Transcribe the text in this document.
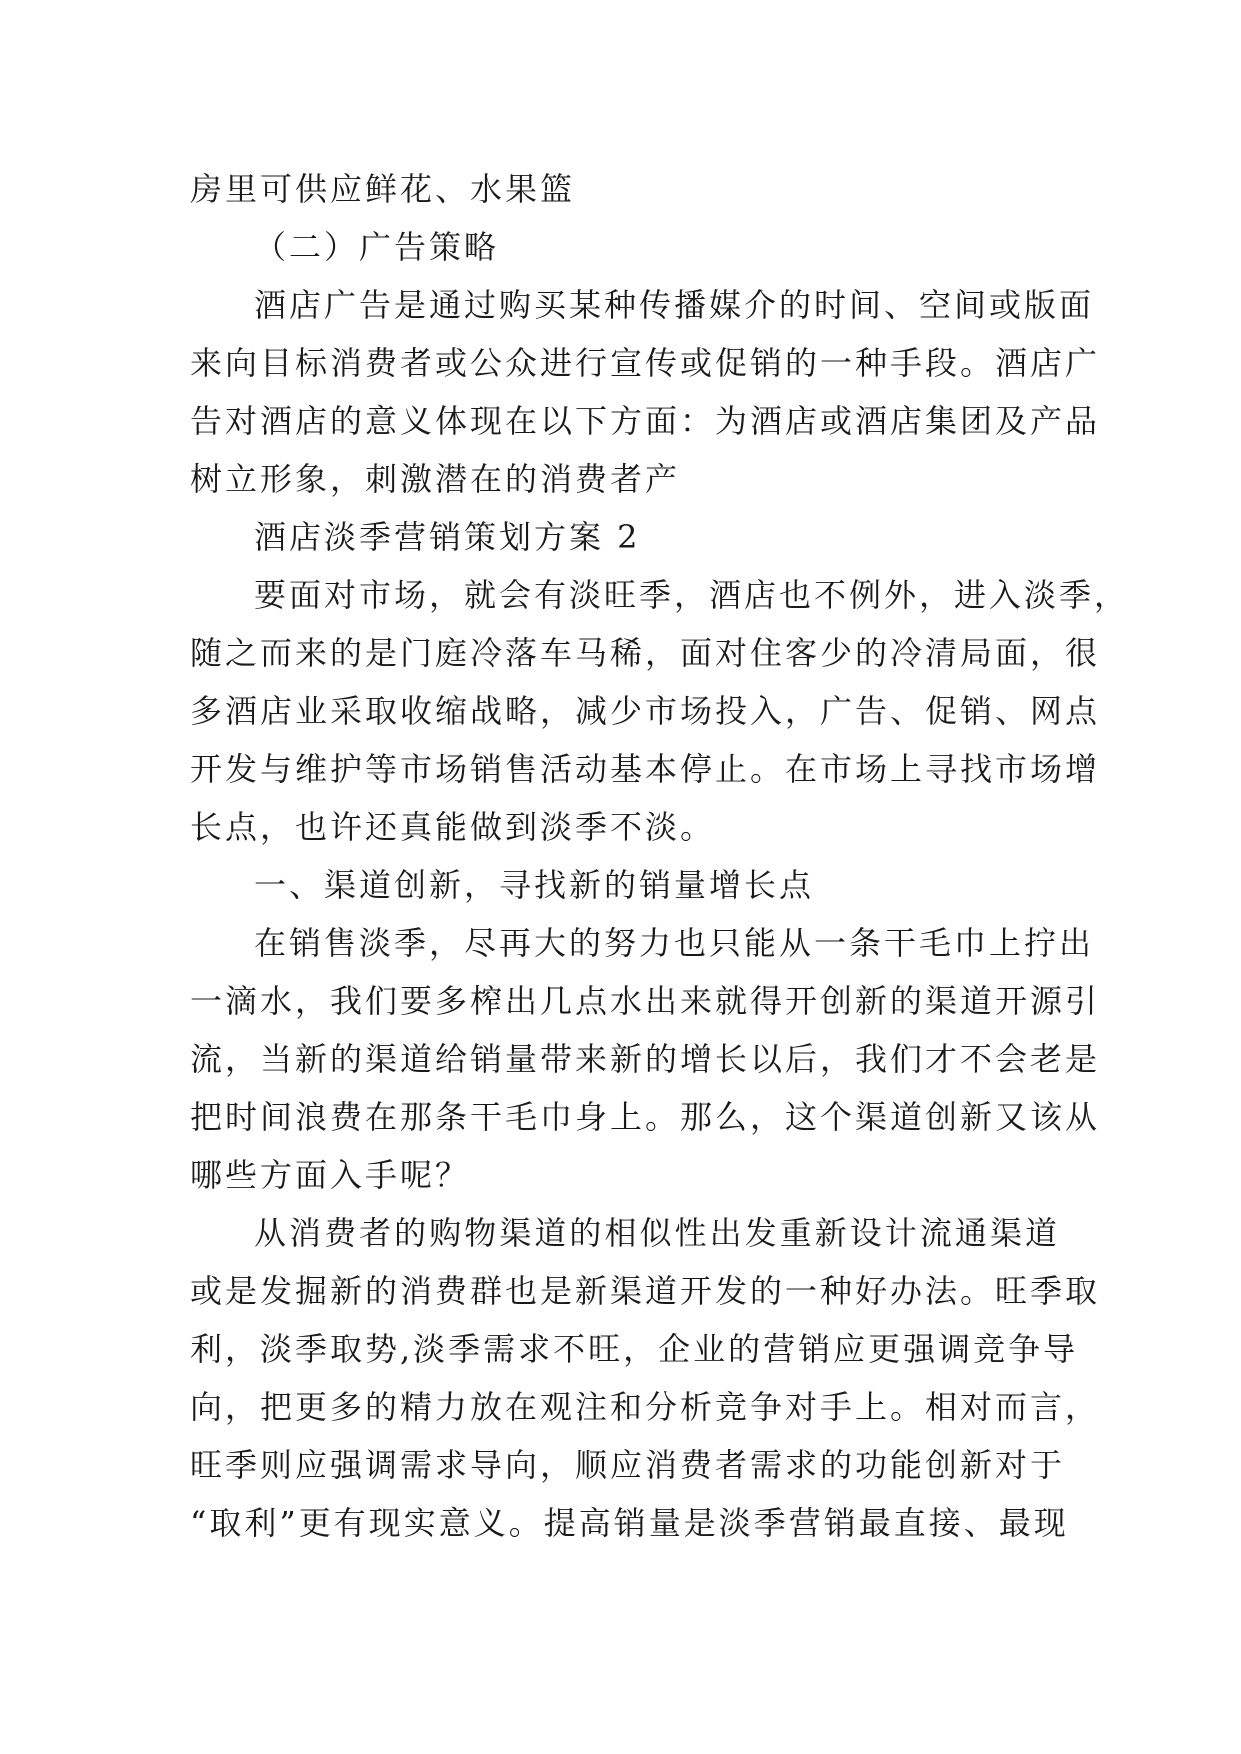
房里可供应鲜花、水果篮

（二）广告策略

酒店广告是通过购买某种传播媒介的时间、空间或版面

来向目标消费者或公众进行宣传或促销的一种手段。酒店广

告对酒店的意义体现在以下方面：为酒店或酒店集团及产品

树立形象，刺激潜在的消费者产

酒店淡季营销策划方案 2

要面对市场，就会有淡旺季，酒店也不例外，进入淡季，

随之而来的是门庭冷落车马稀，面对住客少的冷清局面，很

多酒店业采取收缩战略，减少市场投入，广告、促销、网点

开发与维护等市场销售活动基本停止。在市场上寻找市场增

长点，也许还真能做到淡季不淡。

一、渠道创新，寻找新的销量增长点

在销售淡季，尽再大的努力也只能从一条干毛巾上拧出

一滴水，我们要多榨出几点水出来就得开创新的渠道开源引

流，当新的渠道给销量带来新的增长以后，我们才不会老是

把时间浪费在那条干毛巾身上。那么，这个渠道创新又该从

哪些方面入手呢？

从消费者的购物渠道的相似性出发重新设计流通渠道

或是发掘新的消费群也是新渠道开发的一种好办法。旺季取

利，淡季取势,淡季需求不旺，企业的营销应更强调竞争导

向，把更多的精力放在观注和分析竞争对手上。相对而言，

旺季则应强调需求导向，顺应消费者需求的功能创新对于

“取利”更有现实意义。提高销量是淡季营销最直接、最现
